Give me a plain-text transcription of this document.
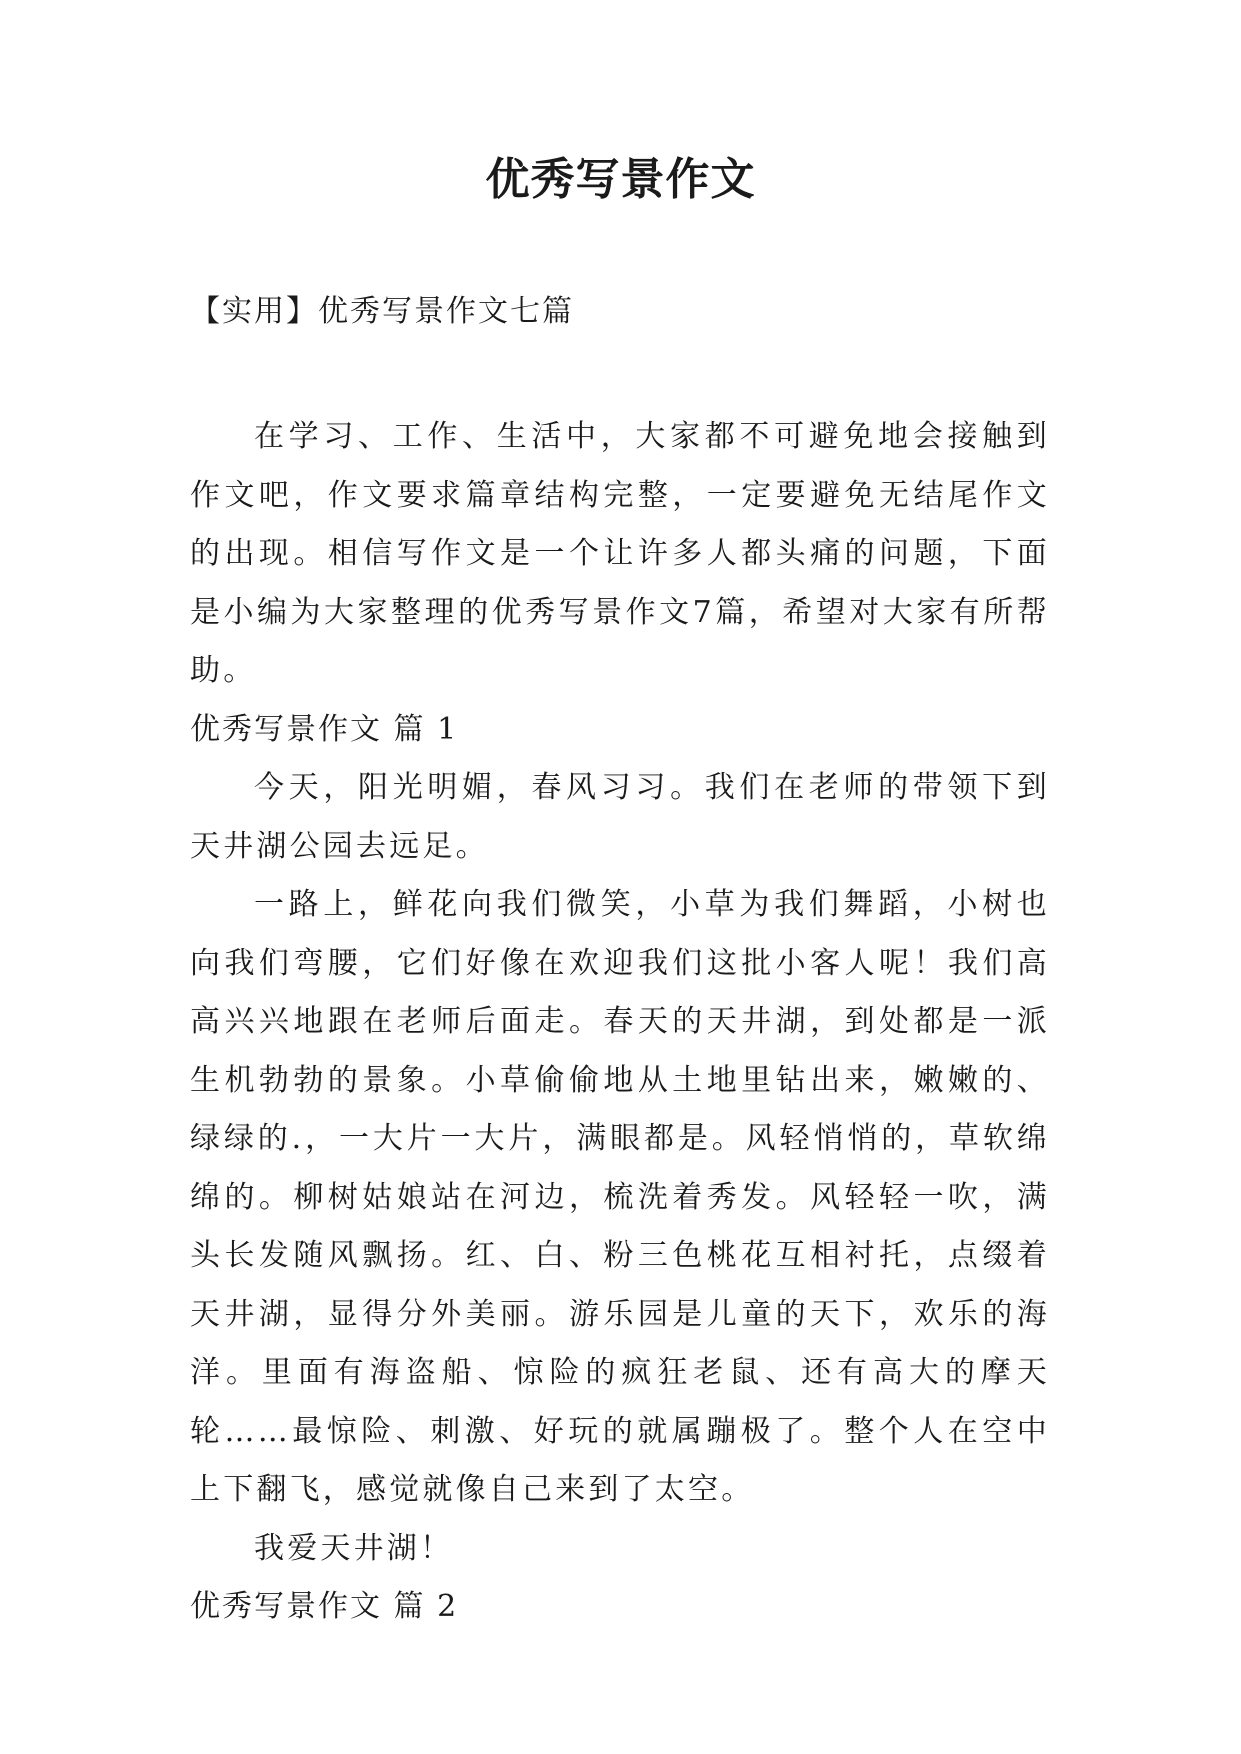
优秀写景作文
【实用】优秀写景作文七篇

在学习、工作、生活中，大家都不可避免地会接触到作文吧，作文要求篇章结构完整，一定要避免无结尾作文的出现。相信写作文是一个让许多人都头痛的问题，下面是小编为大家整理的优秀写景作文7篇，希望对大家有所帮助。

优秀写景作文 篇 1

今天，阳光明媚，春风习习。我们在老师的带领下到天井湖公园去远足。

一路上，鲜花向我们微笑，小草为我们舞蹈，小树也向我们弯腰，它们好像在欢迎我们这批小客人呢！我们高高兴兴地跟在老师后面走。春天的天井湖，到处都是一派生机勃勃的景象。小草偷偷地从土地里钻出来，嫩嫩的、绿绿的.，一大片一大片，满眼都是。风轻悄悄的，草软绵绵的。柳树姑娘站在河边，梳洗着秀发。风轻轻一吹，满头长发随风飘扬。红、白、粉三色桃花互相衬托，点缀着天井湖，显得分外美丽。游乐园是儿童的天下，欢乐的海洋。里面有海盗船、惊险的疯狂老鼠、还有高大的摩天轮……最惊险、刺激、好玩的就属蹦极了。整个人在空中上下翻飞，感觉就像自己来到了太空。

我爱天井湖！

优秀写景作文 篇 2
